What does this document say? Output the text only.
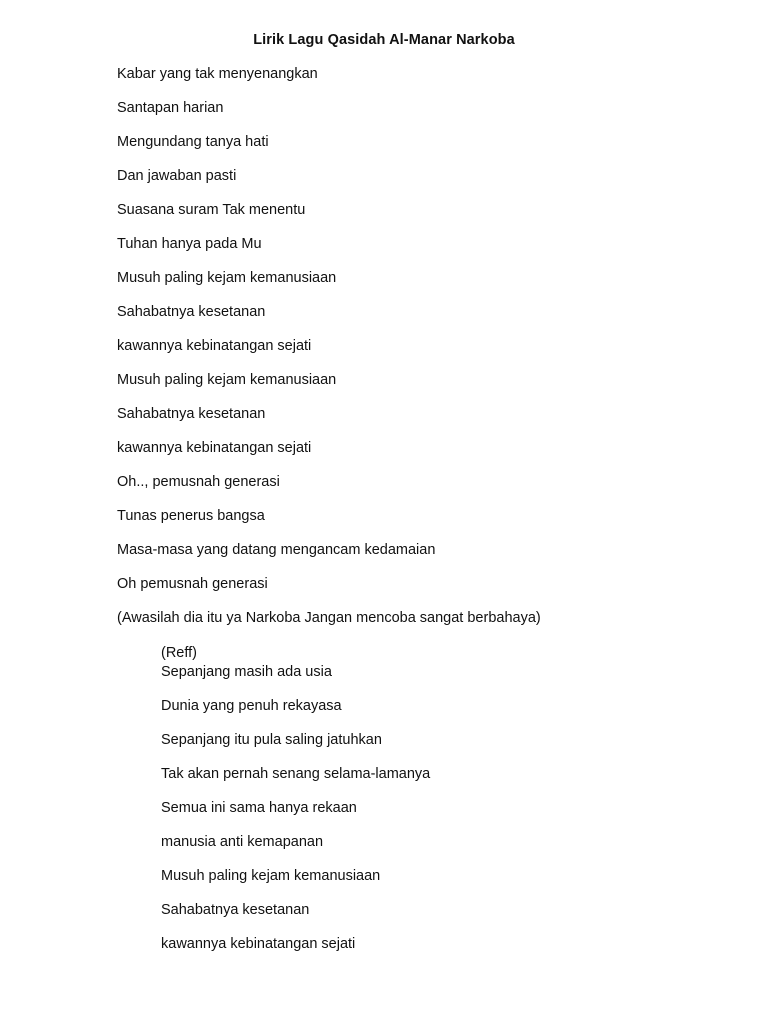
Lirik Lagu Qasidah Al-Manar Narkoba
Kabar yang tak menyenangkan
Santapan harian
Mengundang tanya hati
Dan jawaban pasti
Suasana suram Tak menentu
Tuhan hanya pada Mu
Musuh paling kejam kemanusiaan
Sahabatnya kesetanan
kawannya kebinatangan sejati
Musuh paling kejam kemanusiaan
Sahabatnya kesetanan
kawannya kebinatangan sejati
Oh.., pemusnah generasi
Tunas penerus bangsa
Masa-masa yang datang mengancam kedamaian
Oh pemusnah generasi
(Awasilah dia itu ya Narkoba Jangan mencoba sangat berbahaya)
(Reff)
Sepanjang masih ada usia
Dunia yang penuh rekayasa
Sepanjang itu pula saling jatuhkan
Tak akan pernah senang selama-lamanya
Semua ini sama hanya rekaan
manusia anti kemapanan
Musuh paling kejam kemanusiaan
Sahabatnya kesetanan
kawannya kebinatangan sejati
